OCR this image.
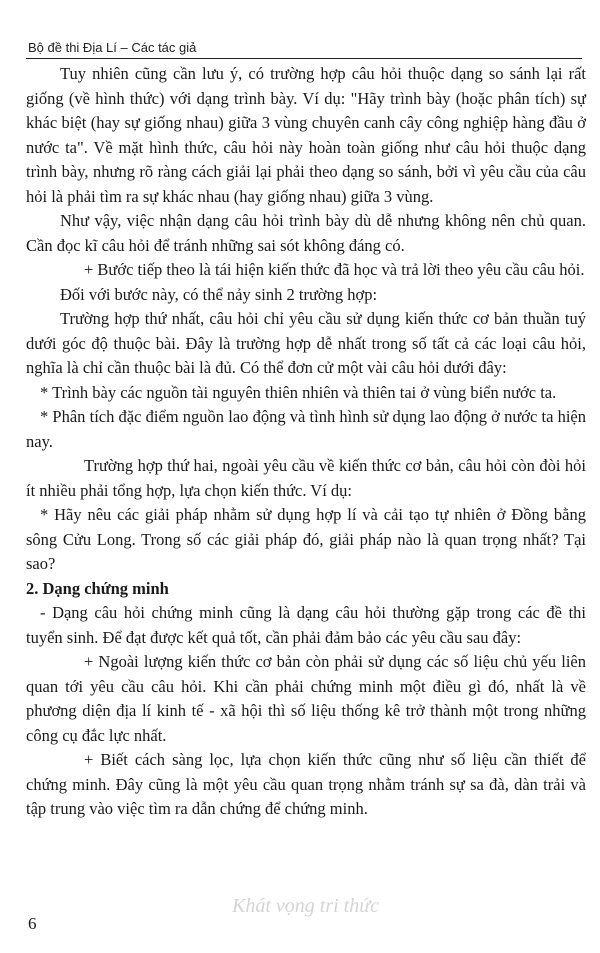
Bộ đề thi Địa Lí – Các tác giả

Tuy nhiên cũng cần lưu ý, có trường hợp câu hỏi thuộc dạng so sánh lại rất giống (về hình thức) với dạng trình bày. Ví dụ: "Hãy trình bày (hoặc phân tích) sự khác biệt (hay sự giống nhau) giữa 3 vùng chuyên canh cây công nghiệp hàng đầu ở nước ta". Về mặt hình thức, câu hỏi này hoàn toàn giống như câu hỏi thuộc dạng trình bày, nhưng rõ ràng cách giải lại phải theo dạng so sánh, bởi vì yêu cầu của câu hỏi là phải tìm ra sự khác nhau (hay giống nhau) giữa 3 vùng.

Như vậy, việc nhận dạng câu hỏi trình bày dù dễ nhưng không nên chủ quan. Cần đọc kĩ câu hỏi để tránh những sai sót không đáng có.

+ Bước tiếp theo là tái hiện kiến thức đã học và trả lời theo yêu cầu câu hỏi.

Đối với bước này, có thể nảy sinh 2 trường hợp:

Trường hợp thứ nhất, câu hỏi chỉ yêu cầu sử dụng kiến thức cơ bản thuần tuý dưới góc độ thuộc bài. Đây là trường hợp dễ nhất trong số tất cả các loại câu hỏi, nghĩa là chỉ cần thuộc bài là đủ. Có thể đơn cử một vài câu hỏi dưới đây:

* Trình bày các nguồn tài nguyên thiên nhiên và thiên tai ở vùng biển nước ta.

* Phân tích đặc điểm nguồn lao động và tình hình sử dụng lao động ở nước ta hiện nay.

Trường hợp thứ hai, ngoài yêu cầu về kiến thức cơ bản, câu hỏi còn đòi hỏi ít nhiều phải tổng hợp, lựa chọn kiến thức. Ví dụ:

* Hãy nêu các giải pháp nhằm sử dụng hợp lí và cải tạo tự nhiên ở Đồng bằng sông Cửu Long. Trong số các giải pháp đó, giải pháp nào là quan trọng nhất? Tại sao?

2. Dạng chứng minh

- Dạng câu hỏi chứng minh cũng là dạng câu hỏi thường gặp trong các đề thi tuyển sinh. Để đạt được kết quả tốt, cần phải đảm bảo các yêu cầu sau đây:

+ Ngoài lượng kiến thức cơ bản còn phải sử dụng các số liệu chủ yếu liên quan tới yêu cầu câu hỏi. Khi cần phải chứng minh một điều gì đó, nhất là về phương diện địa lí kinh tế - xã hội thì số liệu thống kê trở thành một trong những công cụ đắc lực nhất.

+ Biết cách sàng lọc, lựa chọn kiến thức cũng như số liệu cần thiết để chứng minh. Đây cũng là một yêu cầu quan trọng nhằm tránh sự sa đà, dàn trải và tập trung vào việc tìm ra dẫn chứng để chứng minh.

Khát vọng tri thức
6
